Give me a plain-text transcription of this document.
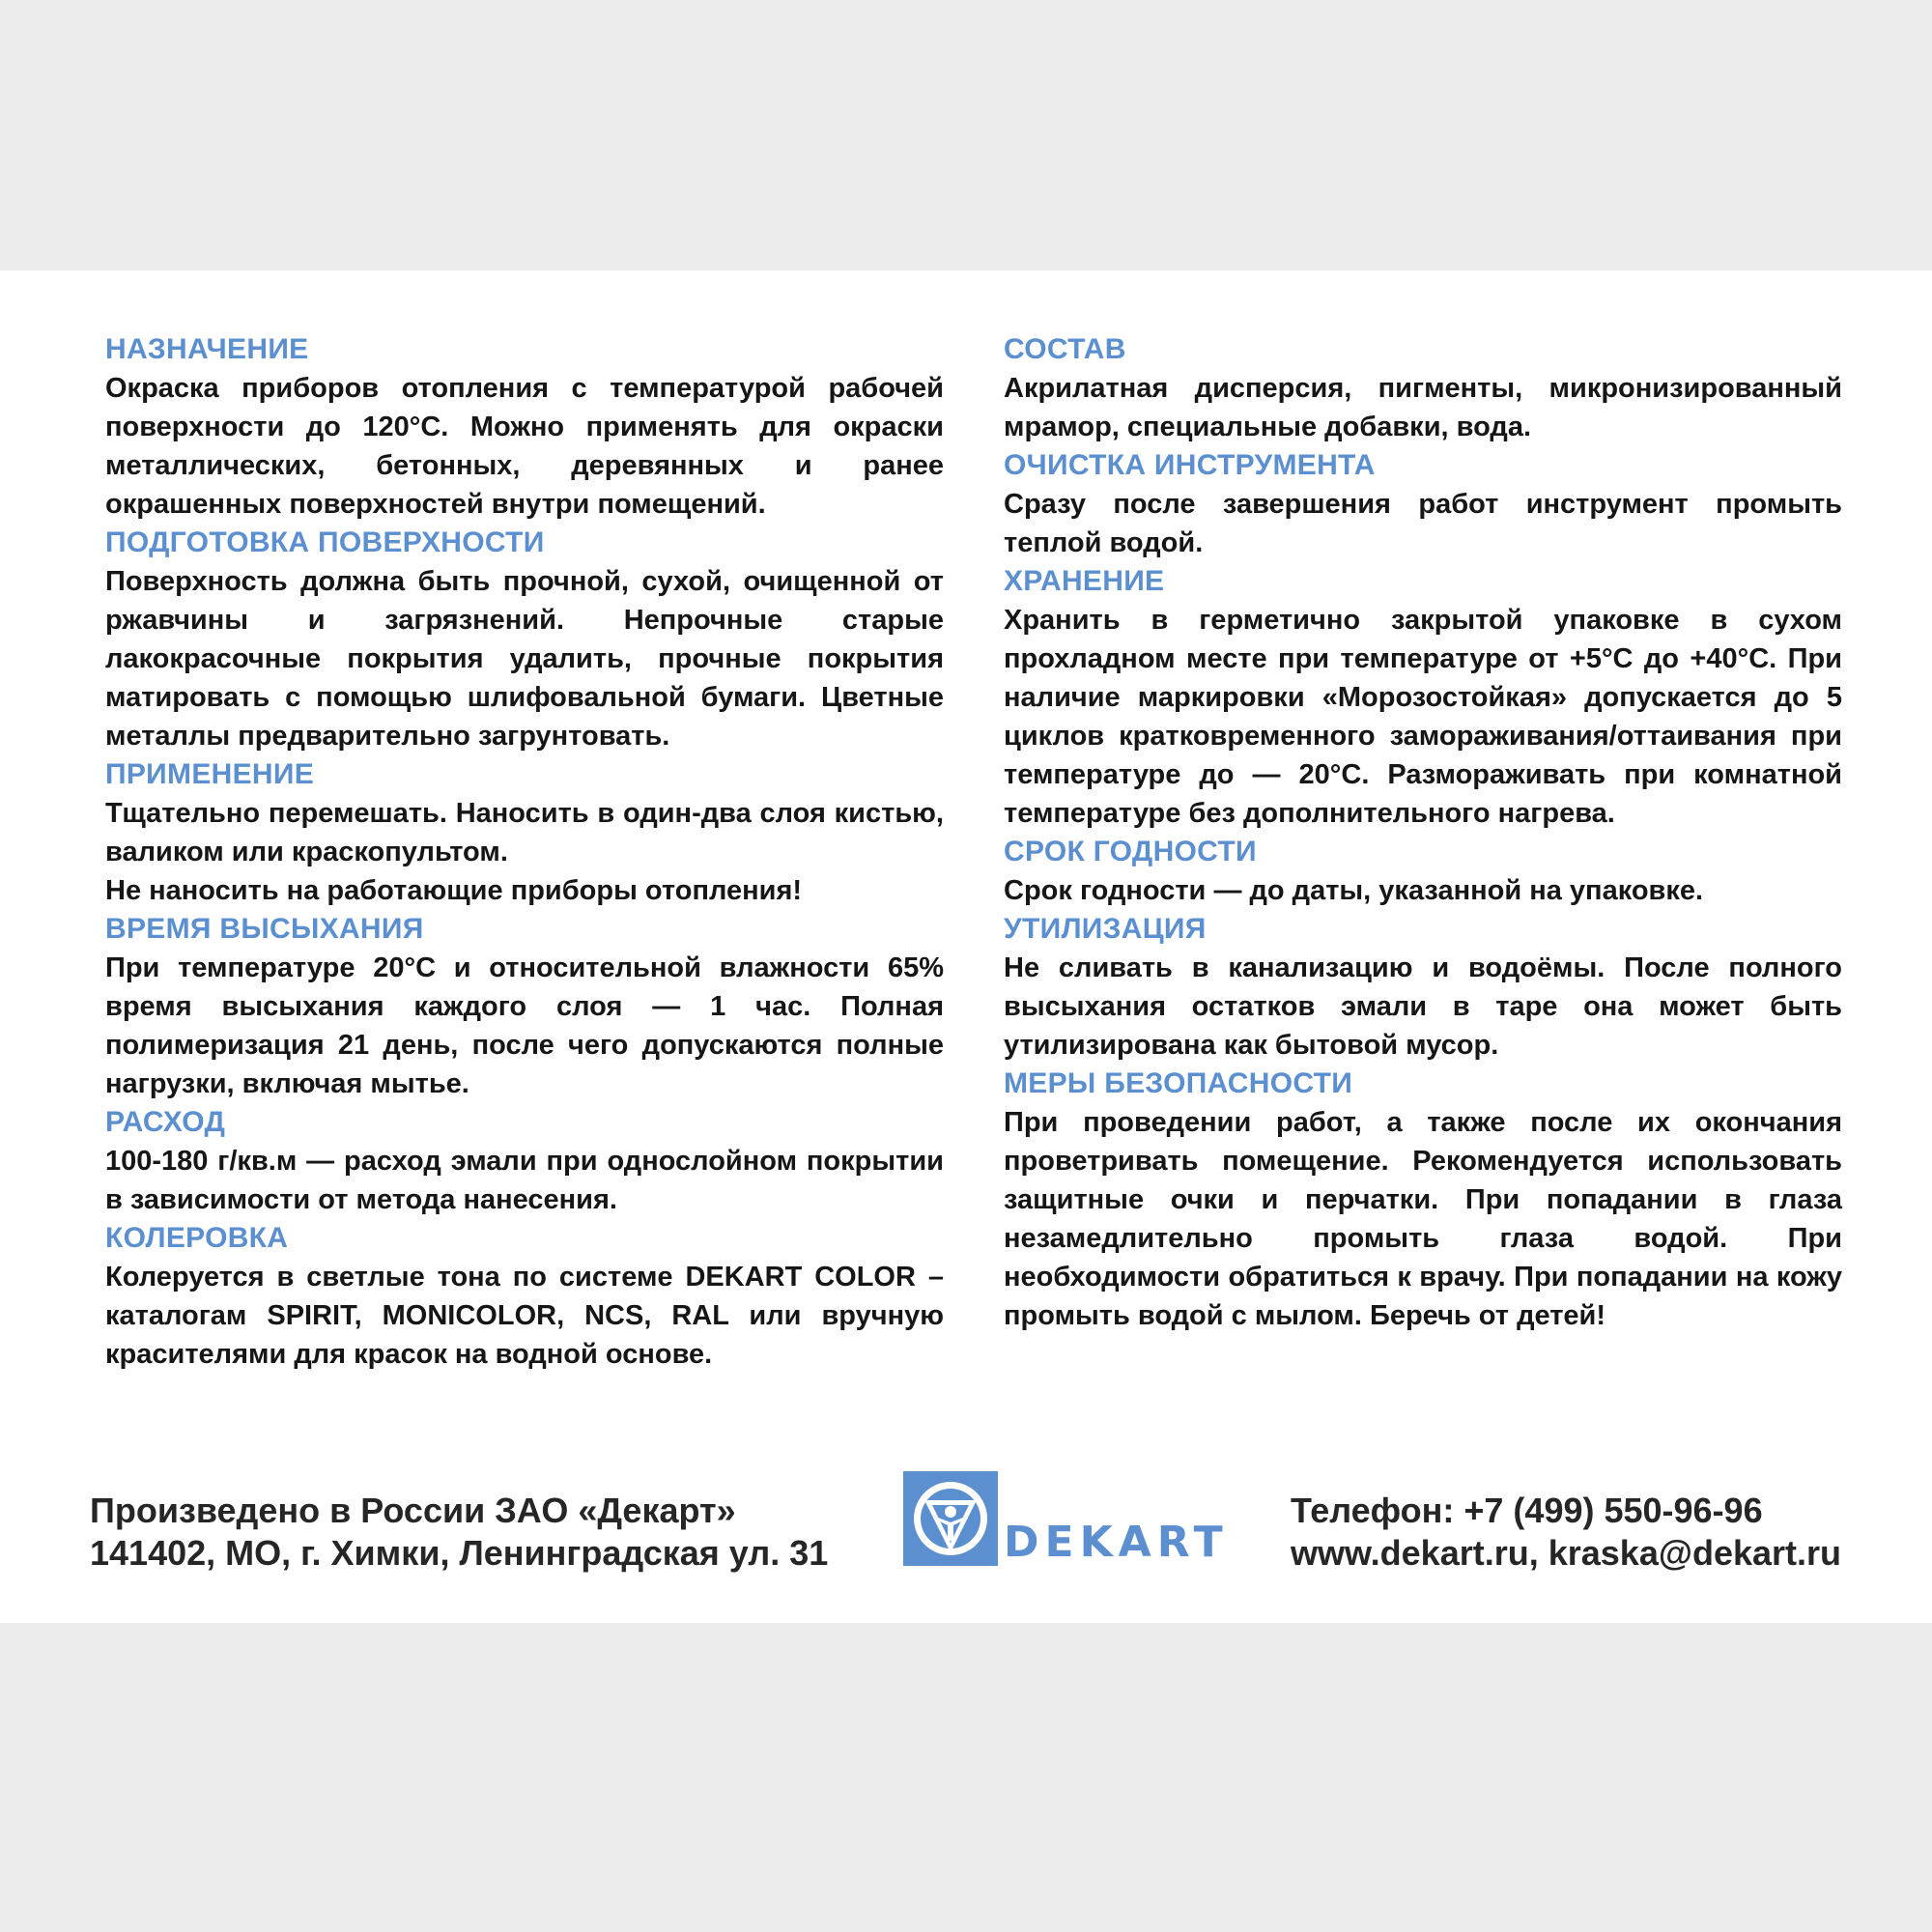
НАЗНАЧЕНИЕ
Окраска приборов отопления с температурой рабочей поверхности до 120°С. Можно применять для окраски металлических, бетонных, деревянных и ранее окрашенных поверхностей внутри помещений.
ПОДГОТОВКА ПОВЕРХНОСТИ
Поверхность должна быть прочной, сухой, очищенной от ржавчины и загрязнений. Непрочные старые лакокрасочные покрытия удалить, прочные покрытия матировать с помощью шлифовальной бумаги. Цветные металлы предварительно загрунтовать.
ПРИМЕНЕНИЕ
Тщательно перемешать. Наносить в один-два слоя кистью, валиком или краскопультом.
Не наносить на работающие приборы отопления!
ВРЕМЯ ВЫСЫХАНИЯ
При температуре 20°С и относительной влажности 65% время высыхания каждого слоя — 1 час. Полная полимеризация 21 день, после чего допускаются полные нагрузки, включая мытье.
РАСХОД
100-180 г/кв.м — расход эмали при однослойном покрытии в зависимости от метода нанесения.
КОЛЕРОВКА
Колеруется в светлые тона по системе DEKART COLOR – каталогам SPIRIT, MONICOLOR, NCS, RAL или вручную красителями для красок на водной основе.
СОСТАВ
Акрилатная дисперсия, пигменты, микронизированный мрамор, специальные добавки, вода.
ОЧИСТКА ИНСТРУМЕНТА
Сразу после завершения работ инструмент промыть теплой водой.
ХРАНЕНИЕ
Хранить в герметично закрытой упаковке в сухом прохладном месте при температуре от +5°С до +40°С. При наличие маркировки «Морозостойкая» допускается до 5 циклов кратковременного замораживания/оттаивания при температуре до — 20°С. Размораживать при комнатной температуре без дополнительного нагрева.
СРОК ГОДНОСТИ
Срок годности — до даты, указанной на упаковке.
УТИЛИЗАЦИЯ
Не сливать в канализацию и водоёмы. После полного высыхания остатков эмали в таре она может быть утилизирована как бытовой мусор.
МЕРЫ БЕЗОПАСНОСТИ
При проведении работ, а также после их окончания проветривать помещение. Рекомендуется использовать защитные очки и перчатки. При попадании в глаза незамедлительно промыть глаза водой. При необходимости обратиться к врачу. При попадании на кожу промыть водой с мылом. Беречь от детей!
Произведено в России ЗАО «Декарт»
141402, МО, г. Химки, Ленинградская ул. 31	DEKART
Телефон: +7 (499) 550-96-96
www.dekart.ru, kraska@dekart.ru
